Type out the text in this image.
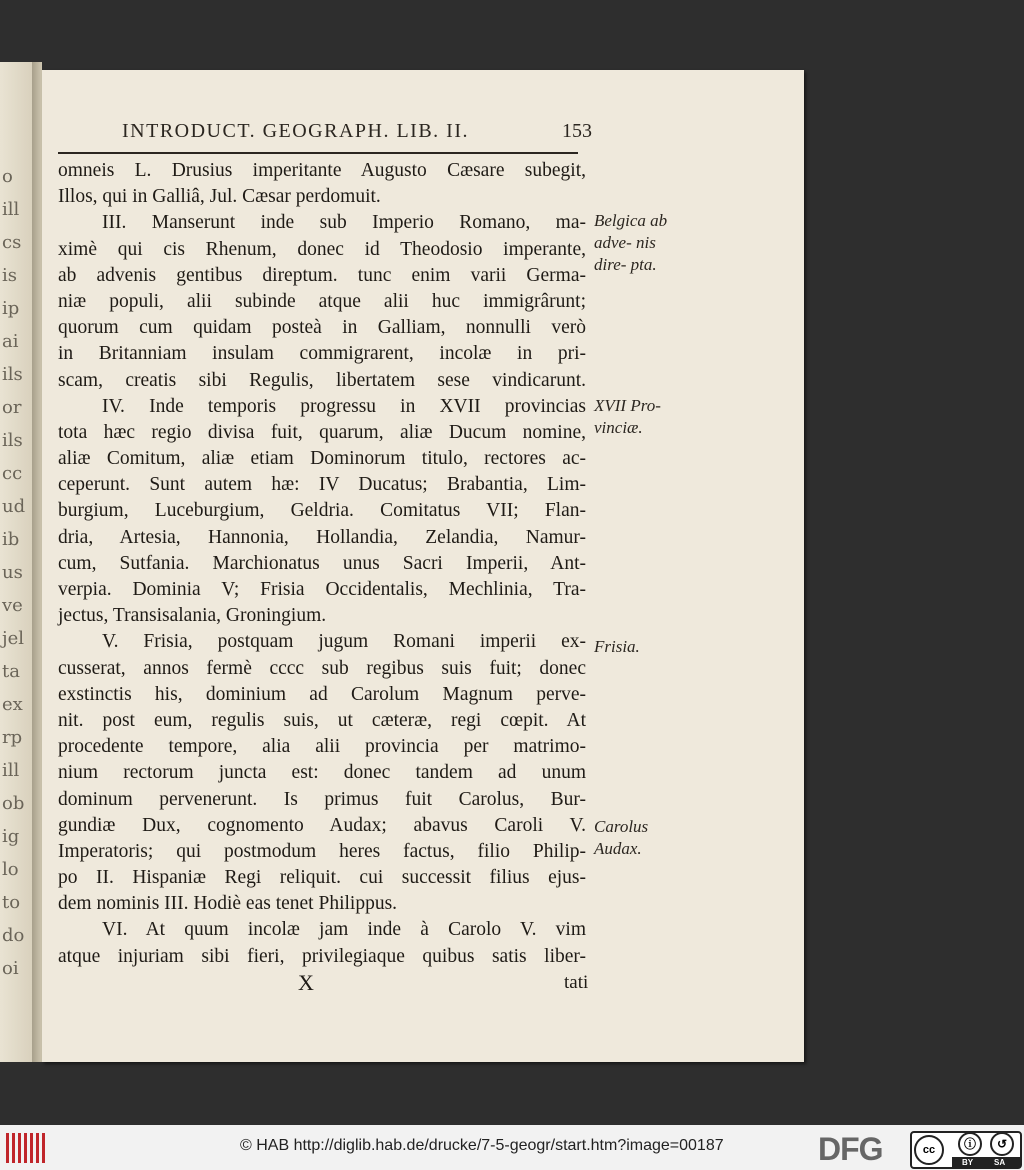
o
ill
cs
is
ip
ai
ils
or
ils
cc
ud
ib
us
ve
jel
ta
ex
rp
ill
ob
ig
lo
to
do
oi
INTRODUCT. GEOGRAPH. LIB. II.	153
omneis L. Drusius imperitante Augusto Cæsare subegit,
Illos, qui in Galliâ, Jul. Cæsar perdomuit.
III. Manserunt inde sub Imperio Romano, ma-
ximè qui cis Rhenum, donec id Theodosio imperante,
ab advenis gentibus direptum. tunc enim varii Germa-
niæ populi, alii subinde atque alii huc immigrârunt;
quorum cum quidam posteà in Galliam, nonnulli verò
in Britanniam insulam commigrarent, incolæ in pri-
scam, creatis sibi Regulis, libertatem sese vindicarunt.
IV. Inde temporis progressu in XVII provincias
tota hæc regio divisa fuit, quarum, aliæ Ducum nomine,
aliæ Comitum, aliæ etiam Dominorum titulo, rectores ac-
ceperunt. Sunt autem hæ: IV Ducatus; Brabantia, Lim-
burgium, Luceburgium, Geldria. Comitatus VII; Flan-
dria, Artesia, Hannonia, Hollandia, Zelandia, Namur-
cum, Sutfania. Marchionatus unus Sacri Imperii, Ant-
verpia. Dominia V; Frisia Occidentalis, Mechlinia, Tra-
jectus, Transisalania, Groningium.
V. Frisia, postquam jugum Romani imperii ex-
cusserat, annos fermè cccc sub regibus suis fuit; donec
exstinctis his, dominium ad Carolum Magnum perve-
nit. post eum, regulis suis, ut cæteræ, regi cœpit. At
procedente tempore, alia alii provincia per matrimo-
nium rectorum juncta est: donec tandem ad unum
dominum pervenerunt. Is primus fuit Carolus, Bur-
gundiæ Dux, cognomento Audax; abavus Caroli V.
Imperatoris; qui postmodum heres factus, filio Philip-
po II. Hispaniæ Regi reliquit. cui successit filius ejus-
dem nominis III. Hodiè eas tenet Philippus.
VI. At quum incolæ jam inde à Carolo V. vim
atque injuriam sibi fieri, privilegiaque quibus satis liber-
Belgica ab adve- nis dire- pta.
XVII Pro- vinciæ.
Frisia.
Carolus Audax.
X	tati
© HAB http://diglib.hab.de/drucke/7-5-geogr/start.htm?image=00187	DFG	cc	ⓘ	↺
BY	SA
